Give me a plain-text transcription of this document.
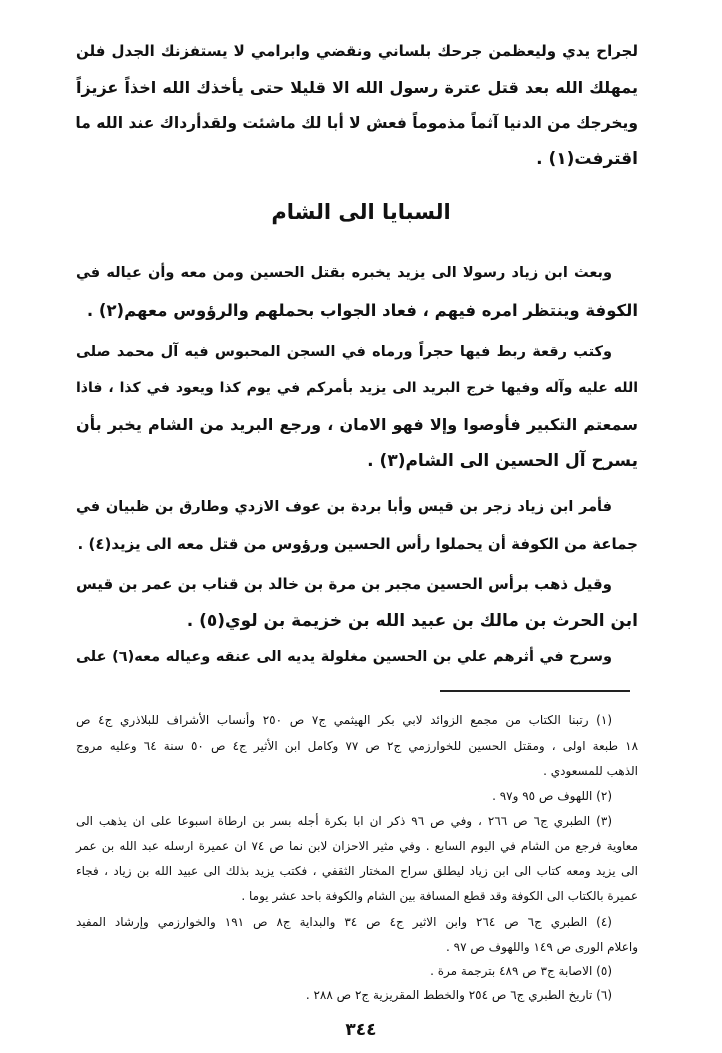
لجراح يدي وليعظمن جرحك بلساني ونقضي وابرامي لا يستفزنك الجدل فلن
يمهلك الله بعد قتل عترة رسول الله الا قليلا حتى يأخذك الله اخذاً عزيزاً
ويخرجك من الدنيا آثماً مذموماً فعش لا أبا لك ماشئت ولقدأرداك عند الله ما
اقترفت(١) .
السبايا الى الشام
وبعث ابن زياد رسولا الى يزيد يخبره بقتل الحسين ومن معه وأن عياله في
الكوفة وينتظر امره فيهم ، فعاد الجواب بحملهم والرؤوس معهم(٢) .
وكتب رقعة ربط فيها حجراً ورماه في السجن المحبوس فيه آل محمد صلى
الله عليه وآله وفيها خرج البريد الى يزيد بأمركم في يوم كذا ويعود في كذا ، فاذا
سمعتم التكبير فأوصوا وإلا فهو الامان ، ورجع البريد من الشام يخبر بأن
يسرح آل الحسين الى الشام(٣) .
فأمر ابن زياد زجر بن قيس وأبا بردة بن عوف الازدي وطارق بن ظبيان في
جماعة من الكوفة أن يحملوا رأس الحسين ورؤوس من قتل معه الى يزيد(٤) .
وقيل ذهب برأس الحسين مجبر بن مرة بن خالد بن قناب بن عمر بن قيس
ابن الحرث بن مالك بن عبيد الله بن خزيمة بن لوي(٥) .
وسرح في أثرهم علي بن الحسين مغلولة يديه الى عنقه وعياله معه(٦) على
(١) رتبنا الكتاب من مجمع الزوائد لابي بكر الهيثمي ج٧ ص ٢٥٠ وأنساب الأشراف للبلاذري ج٤ ص
١٨ طبعة اولى ، ومقتل الحسين للخوارزمي ج٢ ص ٧٧ وكامل ابن الأثير ج٤ ص ٥٠ سنة ٦٤ وعليه مروج
الذهب للمسعودي .
(٢) اللهوف ص ٩٥ و٩٧ .
(٣) الطبري ج٦ ص ٢٦٦ ، وفي ص ٩٦ ذكر ان ابا بكرة أجله بسر بن ارطاة اسبوعا على ان يذهب الى
معاوية فرجع من الشام في اليوم السابع . وفي مثير الاحزان لابن نما ص ٧٤ ان عميرة ارسله عبد الله بن عمر
الى يزيد ومعه كتاب الى ابن زياد ليطلق سراح المختار الثقفي ، فكتب يزيد بذلك الى عبيد الله بن زياد ، فجاء
عميرة بالكتاب الى الكوفة وقد قطع المسافة بين الشام والكوفة باحد عشر يوما .
(٤) الطبري ج٦ ص ٢٦٤ وابن الاثير ج٤ ص ٣٤ والبداية ج٨ ص ١٩١ والخوارزمي وإرشاد المفيد
واعلام الورى ص ١٤٩ واللهوف ص ٩٧ .
(٥) الاصابة ج٣ ص ٤٨٩ بترجمة مرة .
(٦) تاريخ الطبري ج٦ ص ٢٥٤ والخطط المقريزية ج٢ ص ٢٨٨ .
٣٤٤
